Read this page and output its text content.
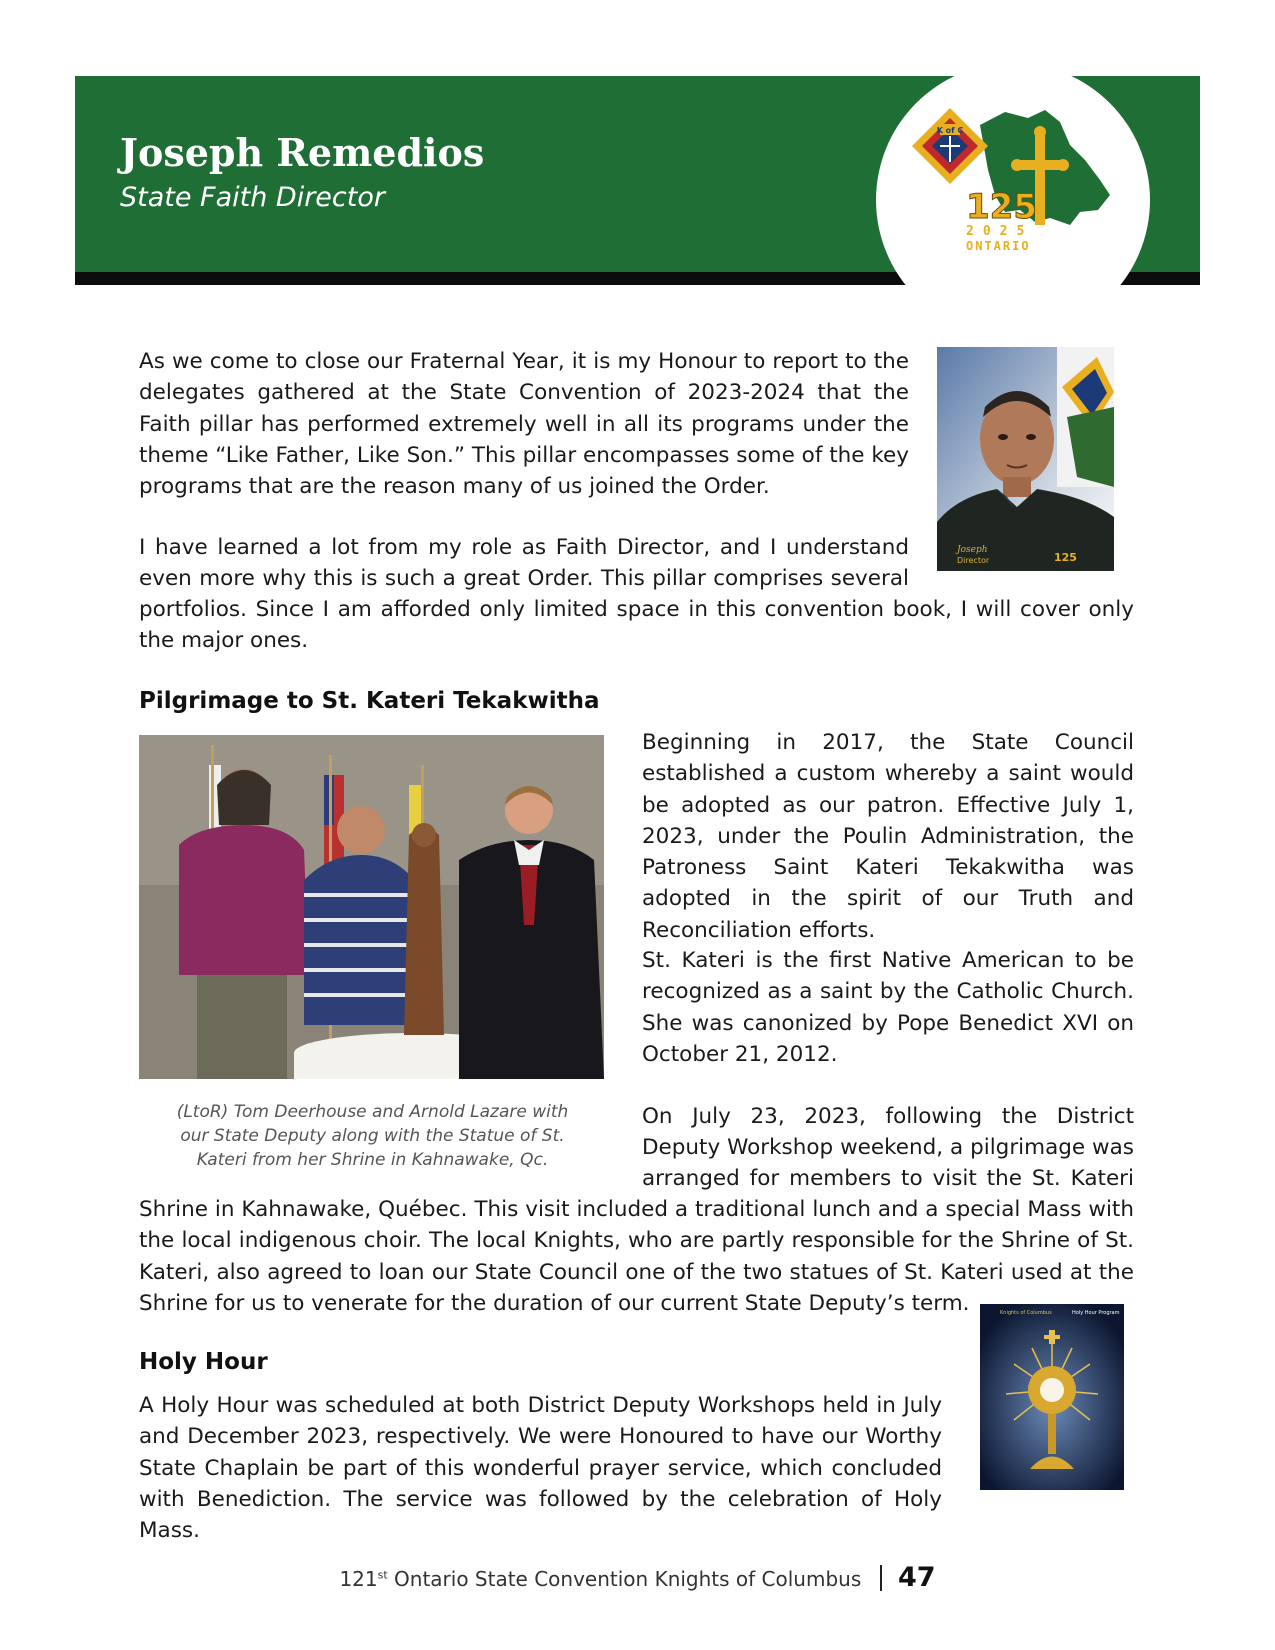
Joseph Remedios
State Faith Director
K of C
125
2025
ONTARIO
Joseph
Director	125

As we come to close our Fraternal Year, it is my Honour to report to the delegates gathered at the State Convention of 2023-2024 that the Faith pillar has performed extremely well in all its programs under the theme “Like Father, Like Son.” This pillar encompasses some of the key programs that are the reason many of us joined the Order.

I have learned a lot from my role as Faith Director, and I understand

even more why this is such a great Order. This pillar comprises several

portfolios. Since I am afforded only limited space in this convention book, I will cover only the major ones.

Pilgrimage to St. Kateri Tekakwitha

(LtoR) Tom Deerhouse and Arnold Lazare with our State Deputy along with the Statue of St. Kateri from her Shrine in Kahnawake, Qc.

Beginning in 2017, the State Council established a custom whereby a saint would be adopted as our patron. Effective July 1, 2023, under the Poulin Administration, the Patroness Saint Kateri Tekakwitha was adopted in the spirit of our Truth and Reconciliation efforts.

St. Kateri is the first Native American to be recognized as a saint by the Catholic Church. She was canonized by Pope Benedict XVI on October 21, 2012.

On July 23, 2023, following the District

Deputy Workshop weekend, a pilgrimage was

arranged for members to visit the St. Kateri

Shrine in Kahnawake, Québec. This visit included a traditional lunch and a special Mass with the local indigenous choir. The local Knights, who are partly responsible for the Shrine of St. Kateri, also agreed to loan our State Council one of the two statues of St. Kateri used at the Shrine for us to venerate for the duration of our current State Deputy’s term.

Holy Hour

A Holy Hour was scheduled at both District Deputy Workshops held in July and December 2023, respectively. We were Honoured to have our Worthy State Chaplain be part of this wonderful prayer service, which concluded with Benediction. The service was followed by the celebration of Holy Mass.

Knights of Columbus	Holy Hour Program
121st Ontario State Convention Knights of Columbus 47
